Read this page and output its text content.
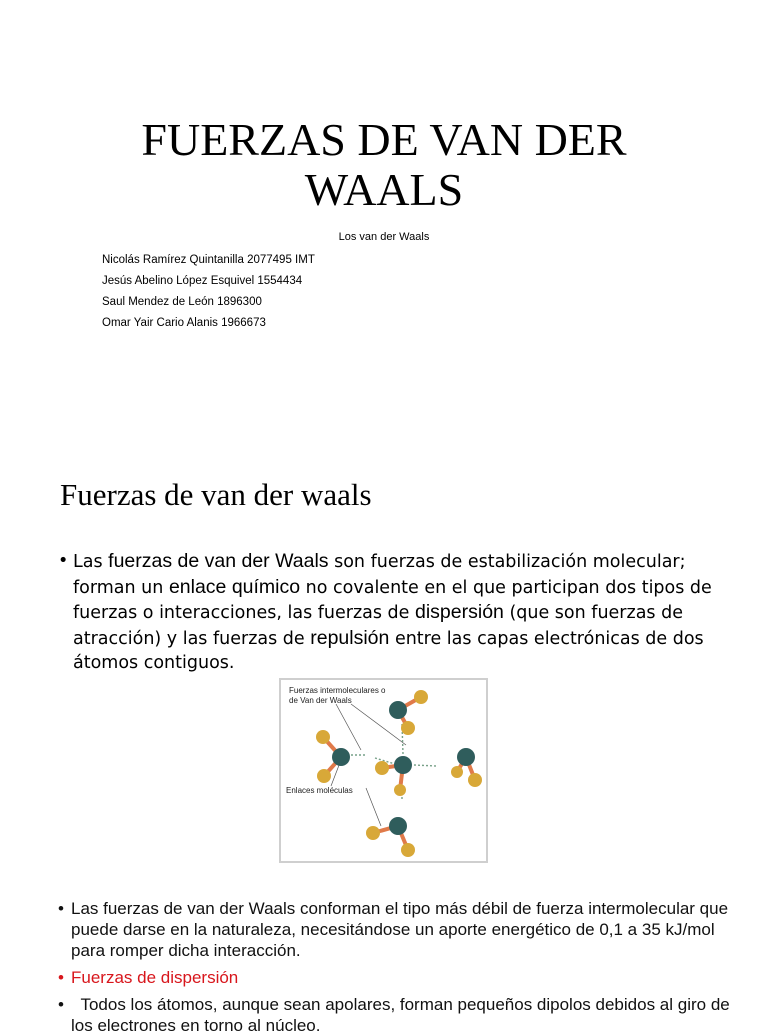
FUERZAS DE VAN DER
WAALS
Los van der Waals
Nicolás Ramírez Quintanilla 2077495 IMT
Jesús Abelino López Esquivel 1554434
Saul Mendez de León 1896300
Omar Yair Cario Alanis 1966673
Fuerzas de van der waals
• Las fuerzas de van der Waals son fuerzas de estabilización molecular; forman un enlace químico no covalente en el que participan dos tipos de fuerzas o interacciones, las fuerzas de dispersión (que son fuerzas de atracción) y las fuerzas de repulsión entre las capas electrónicas de dos átomos contiguos.
Fuerzas intermoleculares o
de Van der Waals
Enlaces moléculas
• Las fuerzas de van der Waals conforman el tipo más débil de fuerza intermolecular que puede darse en la naturaleza, necesitándose un aporte energético de 0,1 a 35 kJ/mol para romper dicha interacción.
• Fuerzas de dispersión
• Todos los átomos, aunque sean apolares, forman pequeños dipolos debidos al giro de los electrones en torno al núcleo.
